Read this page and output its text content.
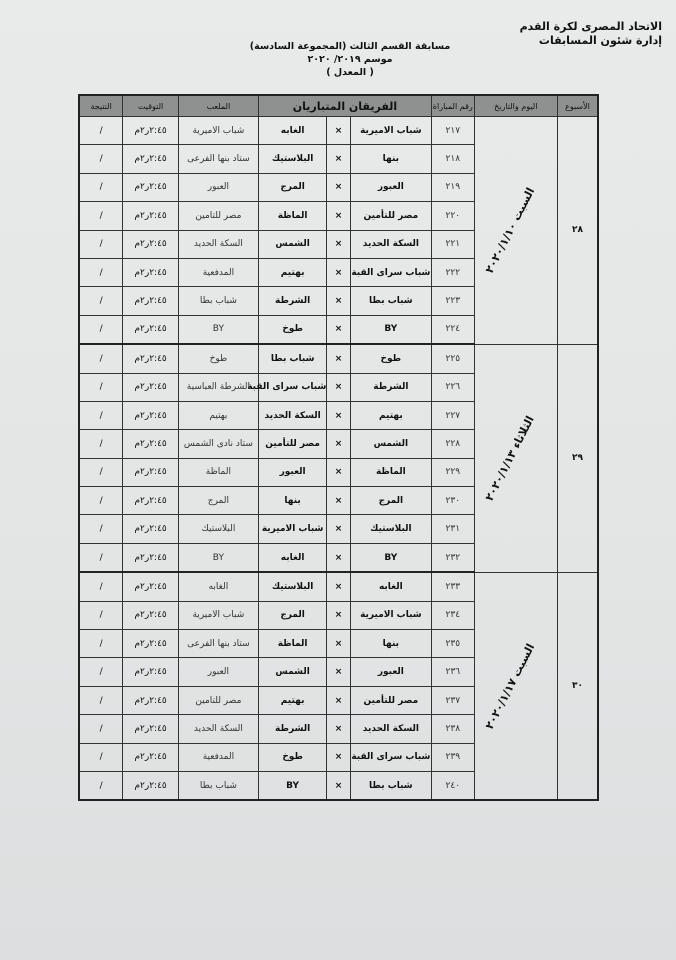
الاتحاد المصرى لكرة القدم
إدارة شئون المسابقات
مسابقة القسم الثالث (المجموعة السادسة)
موسم ٢٠١٩/ ٢٠٢٠
( المعدل )
الأسبوع	اليوم والتاريخ	رقم المباراة	الفريقان المتباريان			الملعب	التوقيت	النتيجة
٢٨	السبت ٢٠٢٠/١/١٠	٢١٧	شباب الاميرية	×	الغابه	شباب الاميرية	٢:٤٥ر٢م	/
		٢١٨	بنها	×	البلاستيك	ستاد بنها الفرعى	٢:٤٥ر٢م	/
		٢١٩	العبور	×	المرج	العبور	٢:٤٥ر٢م	/
		٢٢٠	مصر للتأمين	×	الماظة	مصر للتامين	٢:٤٥ر٢م	/
		٢٢١	السكة الحديد	×	الشمس	السكة الحديد	٢:٤٥ر٢م	/
		٢٢٢	شباب سراى القبة	×	بهتيم	المدفعية	٢:٤٥ر٢م	/
		٢٢٣	شباب بطا	×	الشرطة	شباب بطا	٢:٤٥ر٢م	/
		٢٢٤	BY	×	طوخ	BY	٢:٤٥ر٢م	/
٢٩	الثلاثاء ٢٠٢٠/١/١٣	٢٢٥	طوخ	×	شباب بطا	طوخ	٢:٤٥ر٢م	/
		٢٢٦	الشرطة	×	شباب سراى القبة	الشرطة العباسية	٢:٤٥ر٢م	/
		٢٢٧	بهتيم	×	السكة الحديد	بهتيم	٢:٤٥ر٢م	/
		٢٢٨	الشمس	×	مصر للتأمين	ستاد نادى الشمس	٢:٤٥ر٢م	/
		٢٢٩	الماظة	×	العبور	الماظة	٢:٤٥ر٢م	/
		٢٣٠	المرج	×	بنها	المرج	٢:٤٥ر٢م	/
		٢٣١	البلاستيك	×	شباب الاميرية	البلاستيك	٢:٤٥ر٢م	/
		٢٣٢	BY	×	الغابه	BY	٢:٤٥ر٢م	/
٣٠	السبت ٢٠٢٠/١/١٧	٢٣٣	الغابه	×	البلاستيك	الغابه	٢:٤٥ر٢م	/
		٢٣٤	شباب الاميرية	×	المرج	شباب الاميرية	٢:٤٥ر٢م	/
		٢٣٥	بنها	×	الماظة	ستاد بنها الفرعى	٢:٤٥ر٢م	/
		٢٣٦	العبور	×	الشمس	العبور	٢:٤٥ر٢م	/
		٢٣٧	مصر للتأمين	×	بهتيم	مصر للتامين	٢:٤٥ر٢م	/
		٢٣٨	السكة الحديد	×	الشرطة	السكة الحديد	٢:٤٥ر٢م	/
		٢٣٩	شباب سراى القبة	×	طوخ	المدفعية	٢:٤٥ر٢م	/
		٢٤٠	شباب بطا	×	BY	شباب بطا	٢:٤٥ر٢م	/
